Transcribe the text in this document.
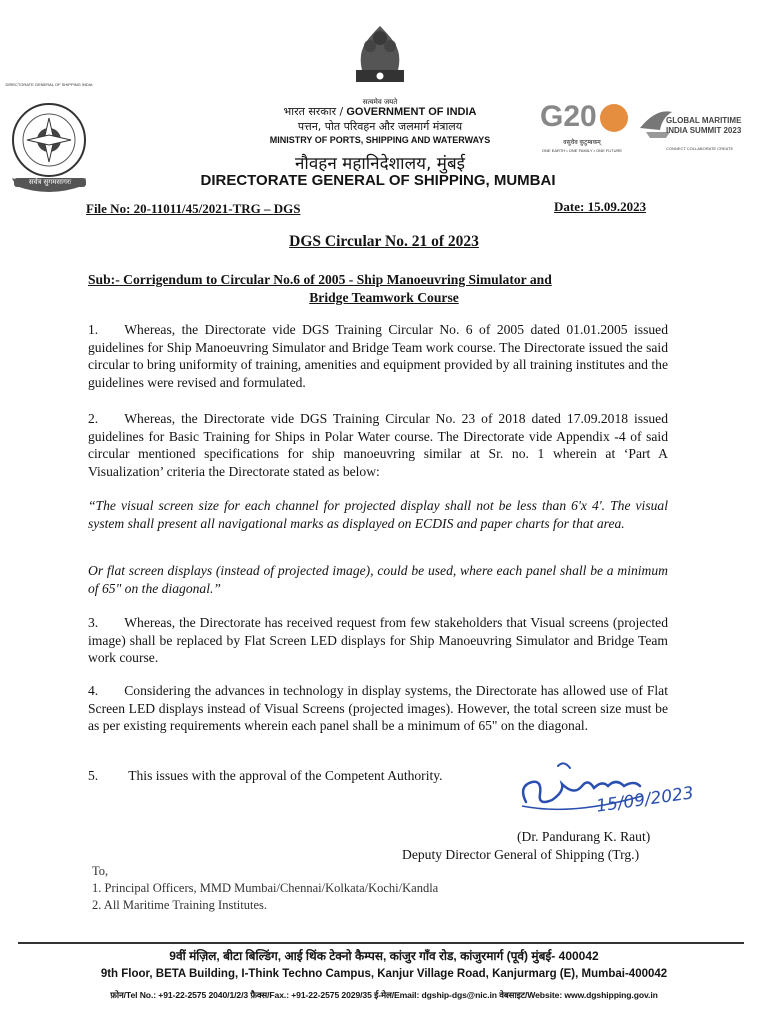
सत्यमेव जयते
भारत सरकार / GOVERNMENT OF INDIA
पत्तन, पोत परिवहन और जलमार्ग मंत्रालय
MINISTRY OF PORTS, SHIPPING AND WATERWAYS
नौवहन महानिदेशालय, मुंबई
DIRECTORATE GENERAL OF SHIPPING, MUMBAI
G20
वसुधैव कुटुम्बकम्
ONE EARTH • ONE FAMILY • ONE FUTURE
GLOBAL MARITIME
INDIA SUMMIT 2023
CONNECT COLLABORATE CREATE
सर्वत्र सुगमसागरः
DIRECTORATE GENERAL OF SHIPPING INDIA
File No: 20-11011/45/2021-TRG – DGS	Date: 15.09.2023
DGS Circular No. 21 of 2023
Sub:- Corrigendum to Circular No.6 of 2005 - Ship Manoeuvring Simulator and
Bridge Teamwork Course
1. Whereas, the Directorate vide DGS Training Circular No. 6 of 2005 dated 01.01.2005 issued guidelines for Ship Manoeuvring Simulator and Bridge Team work course. The Directorate issued the said circular to bring uniformity of training, amenities and equipment provided by all training institutes and the guidelines were revised and formulated.
2. Whereas, the Directorate vide DGS Training Circular No. 23 of 2018 dated 17.09.2018 issued guidelines for Basic Training for Ships in Polar Water course. The Directorate vide Appendix -4 of said circular mentioned specifications for ship manoeuvring similar at Sr. no. 1 wherein at ‘Part A Visualization’ criteria the Directorate stated as below:
“The visual screen size for each channel for projected display shall not be less than 6'x 4'. The visual system shall present all navigational marks as displayed on ECDIS and paper charts for that area.
Or flat screen displays (instead of projected image), could be used, where each panel shall be a minimum of 65" on the diagonal.”
3. Whereas, the Directorate has received request from few stakeholders that Visual screens (projected image) shall be replaced by Flat Screen LED displays for Ship Manoeuvring Simulator and Bridge Team work course.
4. Considering the advances in technology in display systems, the Directorate has allowed use of Flat Screen LED displays instead of Visual Screens (projected images). However, the total screen size must be as per existing requirements wherein each panel shall be a minimum of 65" on the diagonal.
5. This issues with the approval of the Competent Authority.
15/09/2023
(Dr. Pandurang K. Raut)
Deputy Director General of Shipping (Trg.)
To,
1. Principal Officers, MMD Mumbai/Chennai/Kolkata/Kochi/Kandla
2. All Maritime Training Institutes.
9वीं मंज़िल, बीटा बिल्डिंग, आई थिंक टेक्नो कैम्पस, कांजुर गाँव रोड, कांजुरमार्ग (पूर्व) मुंबई- 400042
9th Floor, BETA Building, I-Think Techno Campus, Kanjur Village Road, Kanjurmarg (E), Mumbai-400042
फ़ोन/Tel No.: +91-22-2575 2040/1/2/3 फ़ैक्स/Fax.: +91-22-2575 2029/35 ई-मेल/Email: dgship-dgs@nic.in वेबसाइट/Website: www.dgshipping.gov.in
